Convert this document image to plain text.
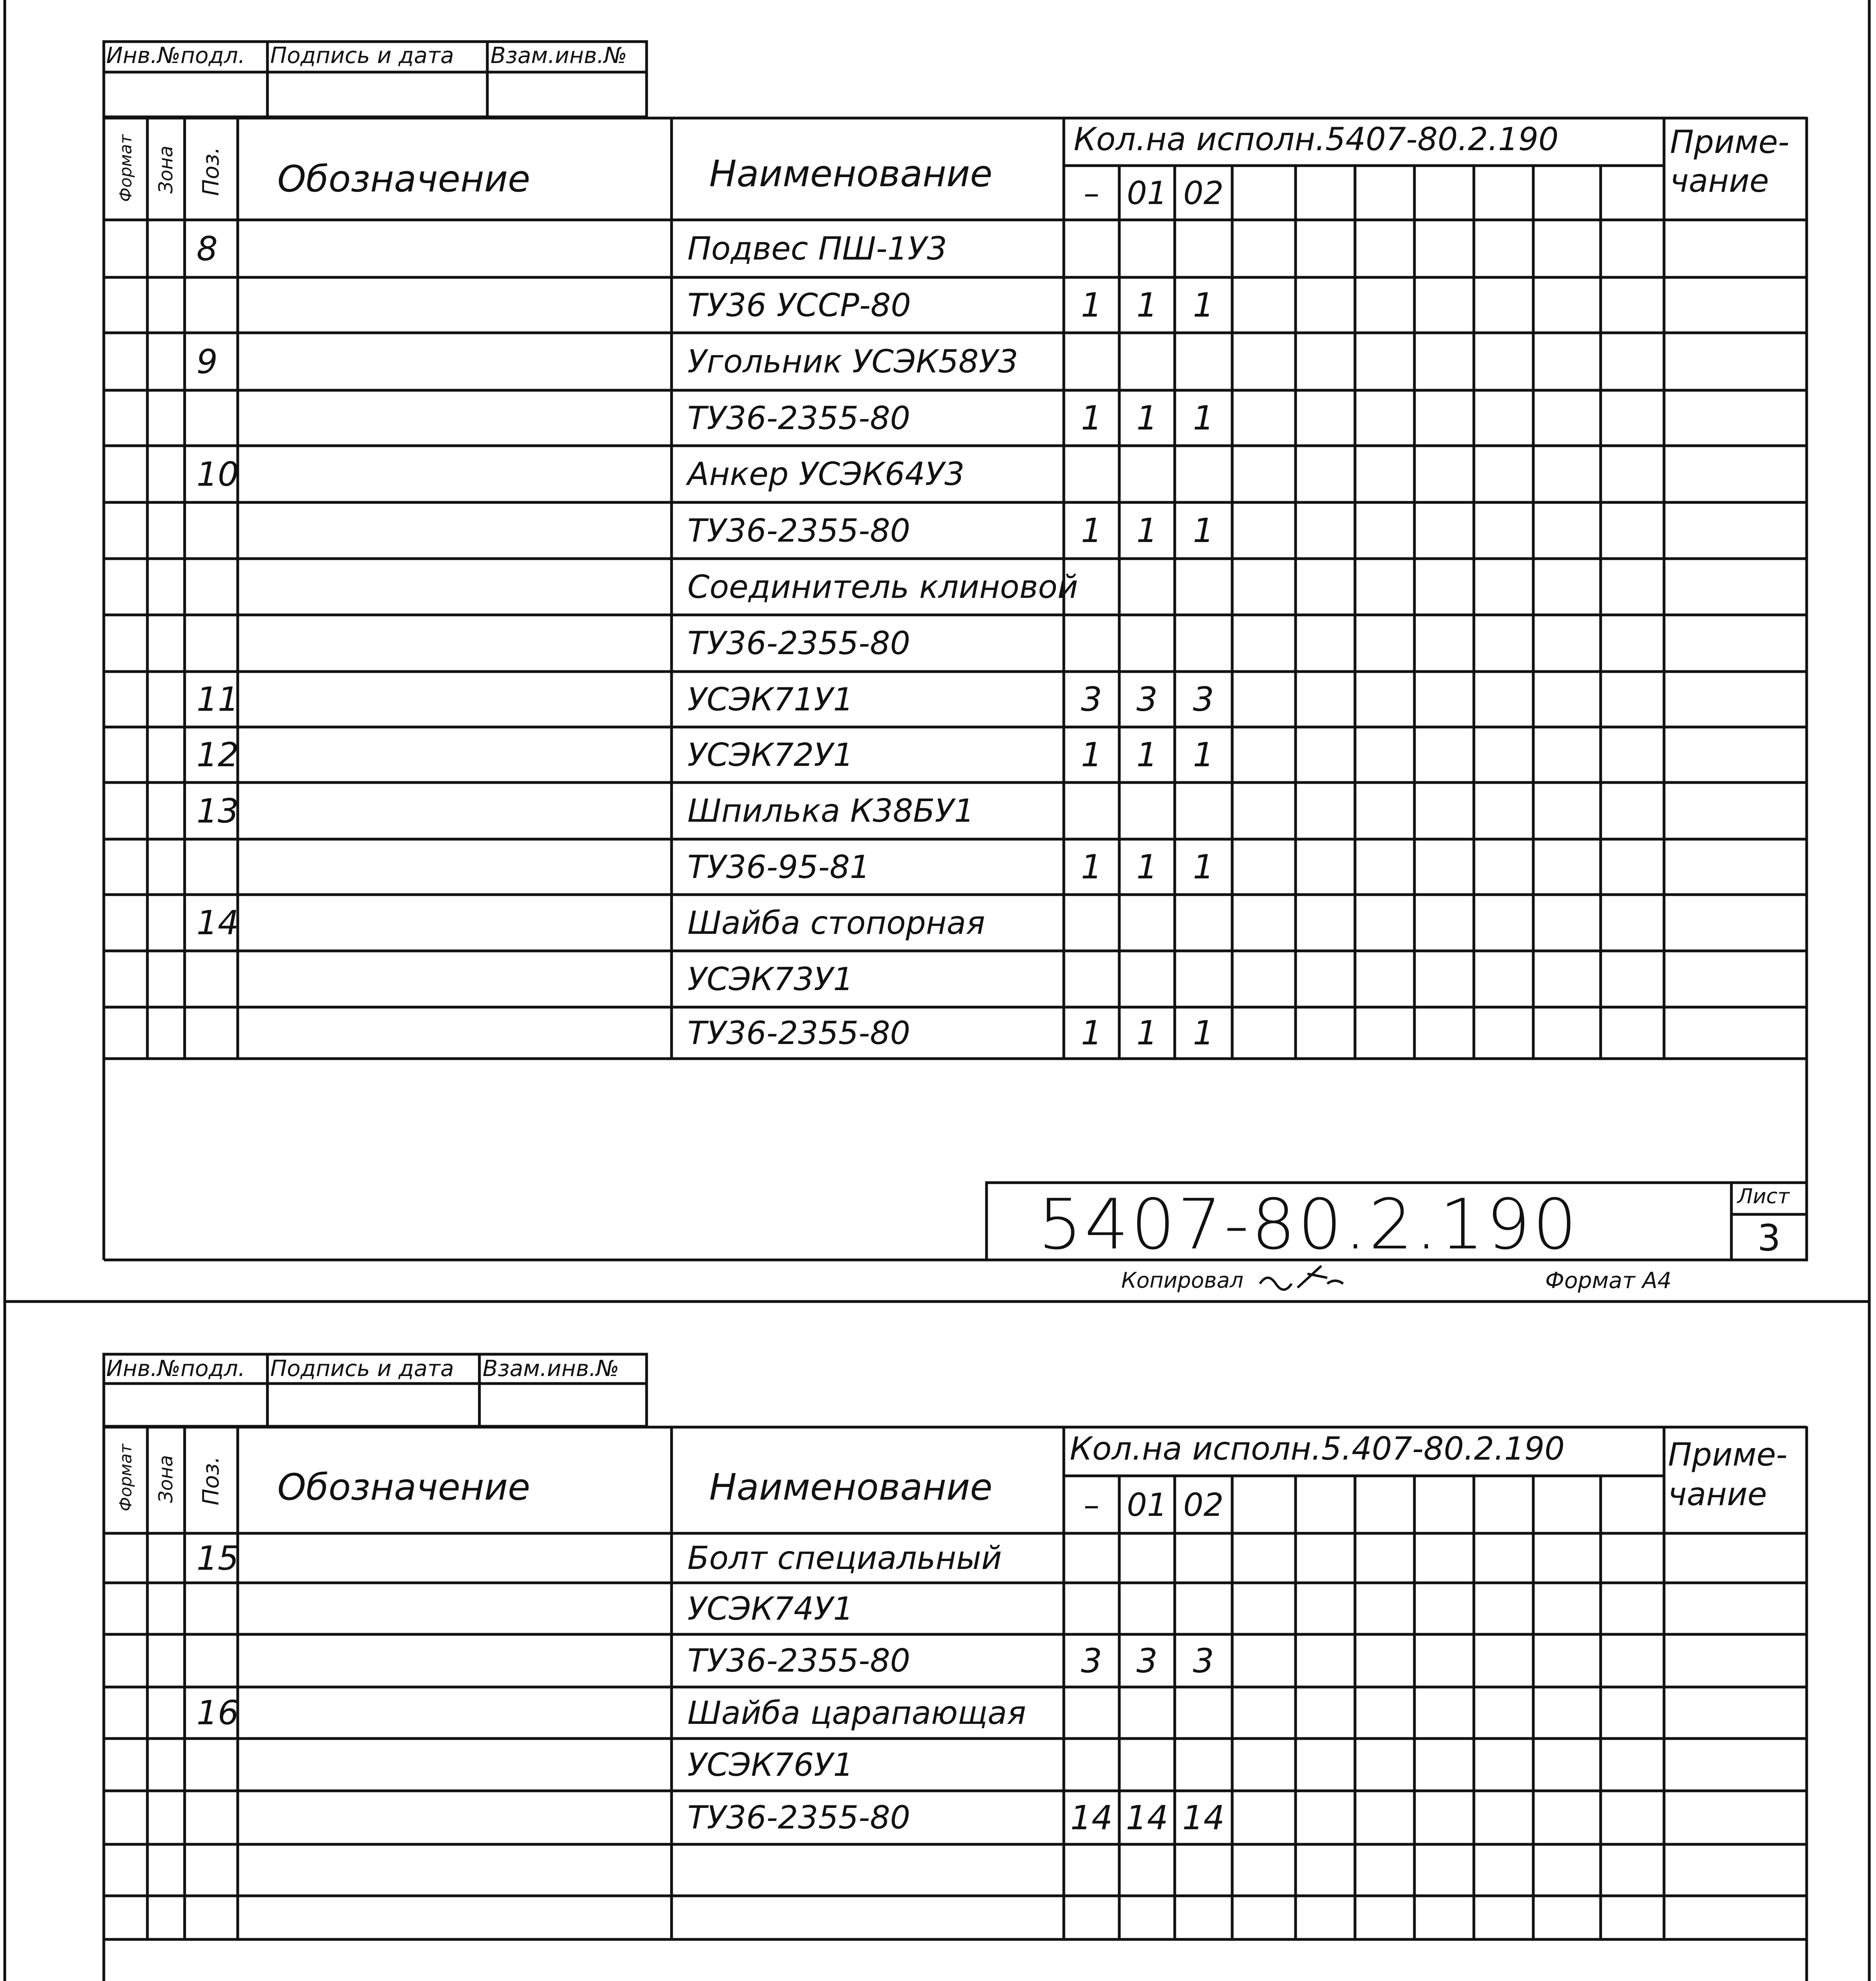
Инв.№подл. Подпись и дата Взам.инв.№
Формат Зона Поз. Обозначение	Наименование
Кол.на исполн.5407-80.2.190
– 01 02
Приме-
чание
8	Подвес ПШ-1У3
ТУ36 УССР-80	1	1	1
9	Угольник УСЭК58У3
ТУ36-2355-80	1	1	1
10	Анкер УСЭК64У3
ТУ36-2355-80	1	1	1
Соединитель клиновой
ТУ36-2355-80
11	УСЭК71У1	3	3	3
12	УСЭК72У1	1	1	1
13	Шпилька К38БУ1
ТУ36-95-81	1	1	1
14	Шайба стопорная
УСЭК73У1
ТУ36-2355-80	1	1	1
5407-80.2.190	Лист
3
Копировал	Формат А4
Инв.№подл. Подпись и дата Взам.инв.№
Формат Зона Поз. Обозначение	Наименование
Кол.на исполн.5.407-80.2.190
– 01 02
Приме-
чание
15	Болт специальный
УСЭК74У1
ТУ36-2355-80	3	3	3
16	Шайба царапающая
УСЭК76У1
ТУ36-2355-80	14 14 14
